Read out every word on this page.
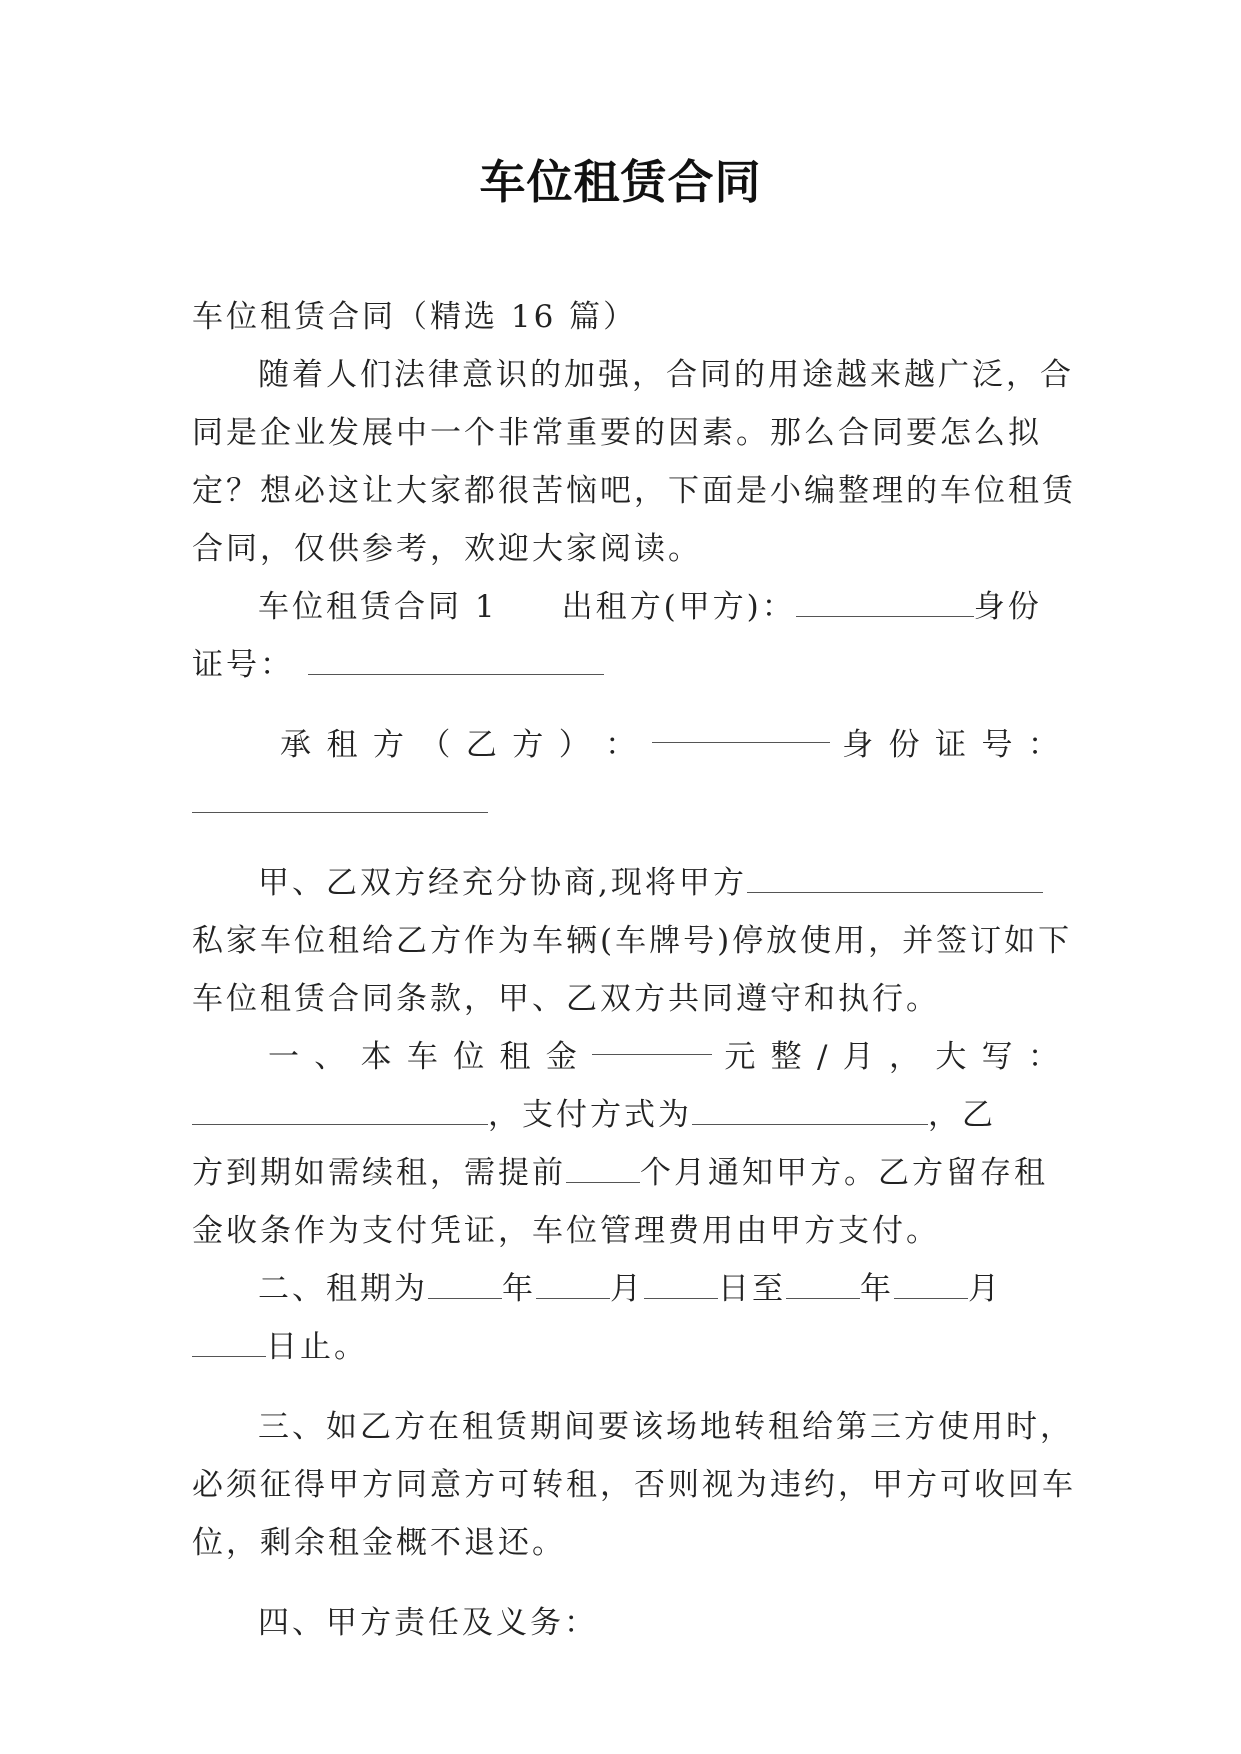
车位租赁合同

车位租赁合同（精选 16 篇）

随着人们法律意识的加强，合同的用途越来越广泛，合
同是企业发展中一个非常重要的因素。那么合同要怎么拟
定？想必这让大家都很苦恼吧，下面是小编整理的车位租赁
合同，仅供参考，欢迎大家阅读。

车位租赁合同 1 出租方(甲方)：	身份
证号：

承 租 方 （ 乙 方 ） ：	身 份 证 号 ：

甲、乙双方经充分协商,现将甲方
私家车位租给乙方作为车辆(车牌号)停放使用，并签订如下
车位租赁合同条款，甲、乙双方共同遵守和执行。

一 、 本 车 位 租 金	元 整 / 月 ， 大 写 ：
，支付方式为	，乙
方到期如需续租，需提前 个月通知甲方。乙方留存租
金收条作为支付凭证，车位管理费用由甲方支付。

二、租期为 年 月 日至 年 月
日止。

三、如乙方在租赁期间要该场地转租给第三方使用时，
必须征得甲方同意方可转租，否则视为违约，甲方可收回车
位，剩余租金概不退还。

四、甲方责任及义务：
